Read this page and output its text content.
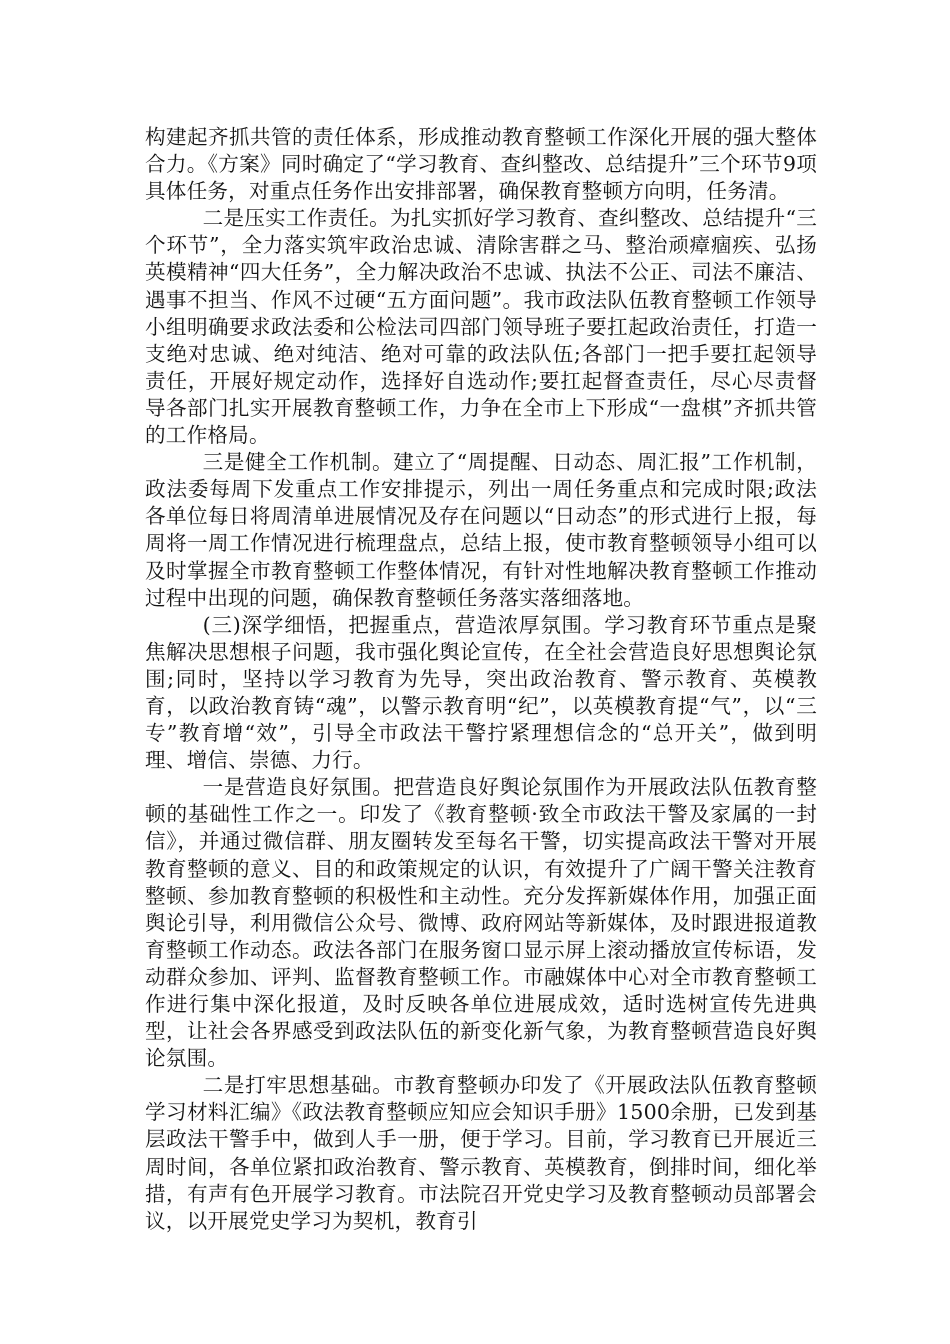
构建起齐抓共管的责任体系，形成推动教育整顿工作深化开展的强大整体合力。《方案》同时确定了“学习教育、查纠整改、总结提升”三个环节9项具体任务，对重点任务作出安排部署，确保教育整顿方向明，任务清。

二是压实工作责任。为扎实抓好学习教育、查纠整改、总结提升“三个环节”，全力落实筑牢政治忠诚、清除害群之马、整治顽瘴痼疾、弘扬英模精神“四大任务”，全力解决政治不忠诚、执法不公正、司法不廉洁、遇事不担当、作风不过硬“五方面问题”。我市政法队伍教育整顿工作领导小组明确要求政法委和公检法司四部门领导班子要扛起政治责任，打造一支绝对忠诚、绝对纯洁、绝对可靠的政法队伍;各部门一把手要扛起领导责任，开展好规定动作，选择好自选动作;要扛起督查责任，尽心尽责督导各部门扎实开展教育整顿工作，力争在全市上下形成“一盘棋”齐抓共管的工作格局。

三是健全工作机制。建立了“周提醒、日动态、周汇报”工作机制，政法委每周下发重点工作安排提示，列出一周任务重点和完成时限;政法各单位每日将周清单进展情况及存在问题以“日动态”的形式进行上报，每周将一周工作情况进行梳理盘点，总结上报，使市教育整顿领导小组可以及时掌握全市教育整顿工作整体情况，有针对性地解决教育整顿工作推动过程中出现的问题，确保教育整顿任务落实落细落地。

(三)深学细悟，把握重点，营造浓厚氛围。学习教育环节重点是聚焦解决思想根子问题，我市强化舆论宣传，在全社会营造良好思想舆论氛围;同时，坚持以学习教育为先导，突出政治教育、警示教育、英模教育，以政治教育铸“魂”，以警示教育明“纪”，以英模教育提“气”，以“三专”教育增“效”，引导全市政法干警拧紧理想信念的“总开关”，做到明理、增信、崇德、力行。

一是营造良好氛围。把营造良好舆论氛围作为开展政法队伍教育整顿的基础性工作之一。印发了《教育整顿·致全市政法干警及家属的一封信》，并通过微信群、朋友圈转发至每名干警，切实提高政法干警对开展教育整顿的意义、目的和政策规定的认识，有效提升了广阔干警关注教育整顿、参加教育整顿的积极性和主动性。充分发挥新媒体作用，加强正面舆论引导，利用微信公众号、微博、政府网站等新媒体，及时跟进报道教育整顿工作动态。政法各部门在服务窗口显示屏上滚动播放宣传标语，发动群众参加、评判、监督教育整顿工作。市融媒体中心对全市教育整顿工作进行集中深化报道，及时反映各单位进展成效，适时选树宣传先进典型，让社会各界感受到政法队伍的新变化新气象，为教育整顿营造良好舆论氛围。

二是打牢思想基础。市教育整顿办印发了《开展政法队伍教育整顿学习材料汇编》《政法教育整顿应知应会知识手册》1500余册，已发到基层政法干警手中，做到人手一册，便于学习。目前，学习教育已开展近三周时间，各单位紧扣政治教育、警示教育、英模教育，倒排时间，细化举措，有声有色开展学习教育。市法院召开党史学习及教育整顿动员部署会议，以开展党史学习为契机，教育引
